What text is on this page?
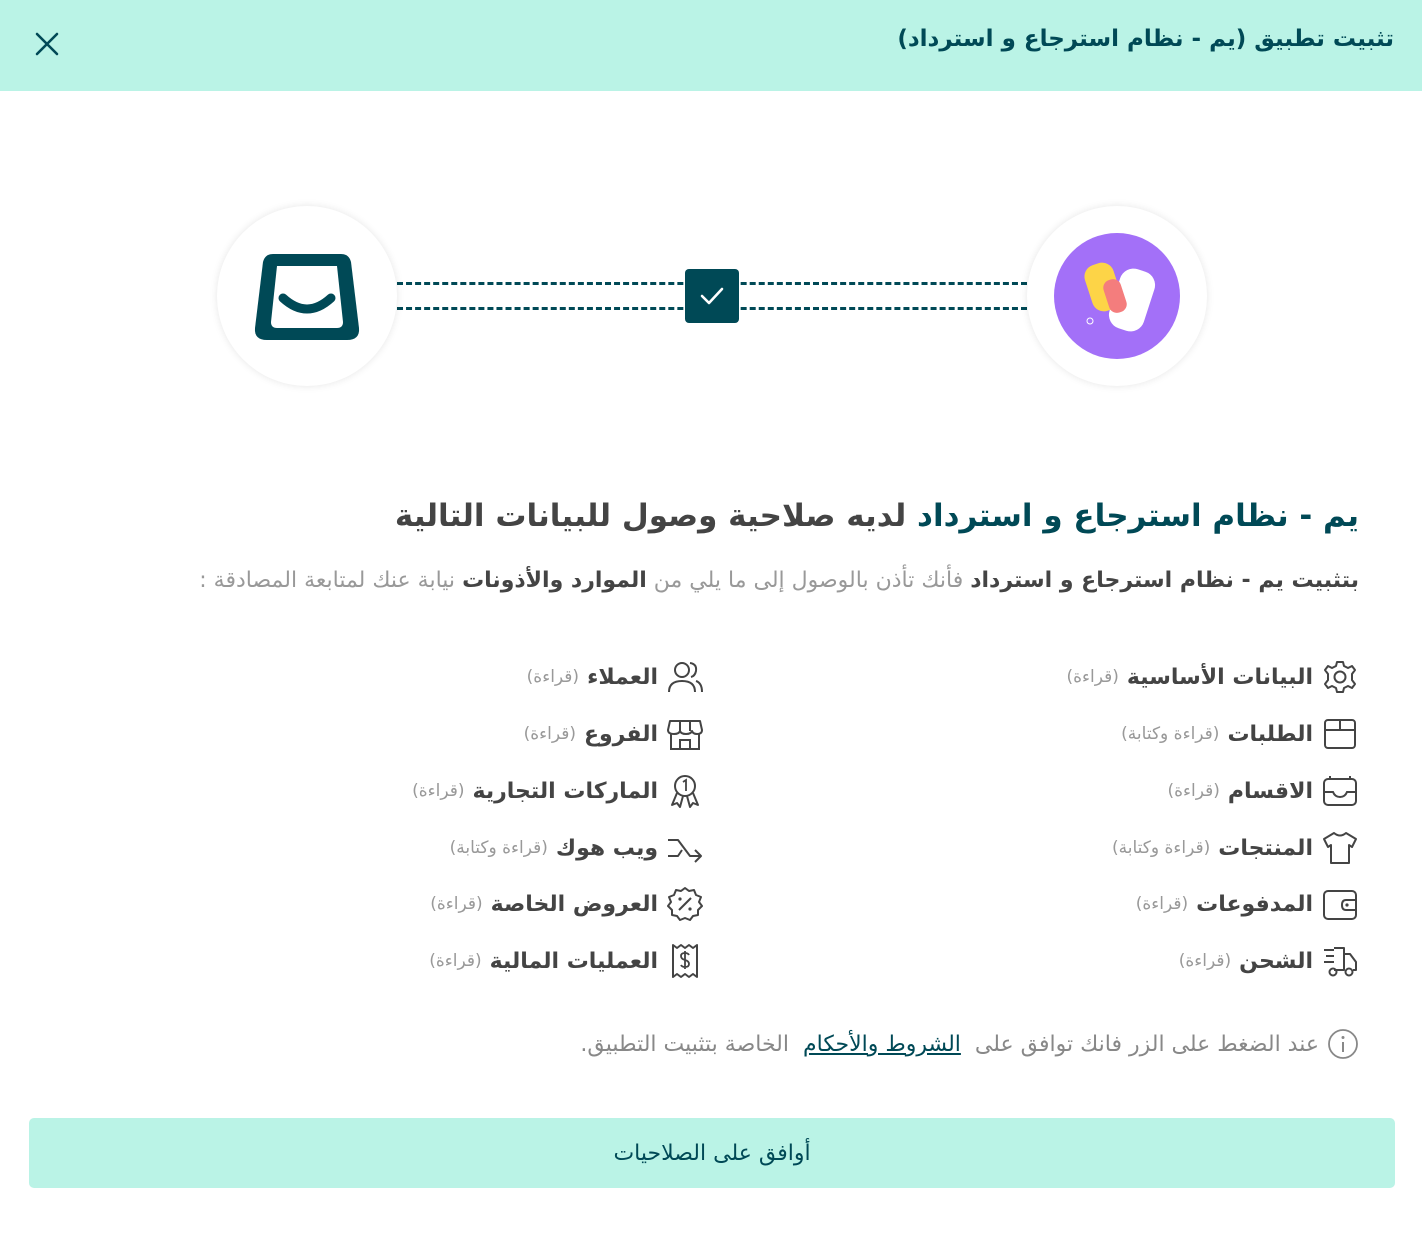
تثبيت تطبيق (يم - نظام استرجاع و استرداد)
يم - نظام استرجاع و استرداد لديه صلاحية وصول للبيانات التالية
بتثبيت يم - نظام استرجاع و استرداد فأنك تأذن بالوصول إلى ما يلي من الموارد والأذونات نيابة عنك لمتابعة المصادقة :
البيانات الأساسية
(قراءة)
الطلبات
(قراءة وكتابة)
الاقسام
(قراءة)
المنتجات
(قراءة وكتابة)
المدفوعات
(قراءة)
الشحن
(قراءة)
العملاء
(قراءة)
الفروع
(قراءة)
الماركات التجارية
(قراءة)
ويب هوك
(قراءة وكتابة)
العروض الخاصة
(قراءة)
العمليات المالية
(قراءة)
عند الضغط على الزر فانك توافق على
الشروط والأحكام
الخاصة بتثبيت التطبيق.
أوافق على الصلاحيات
